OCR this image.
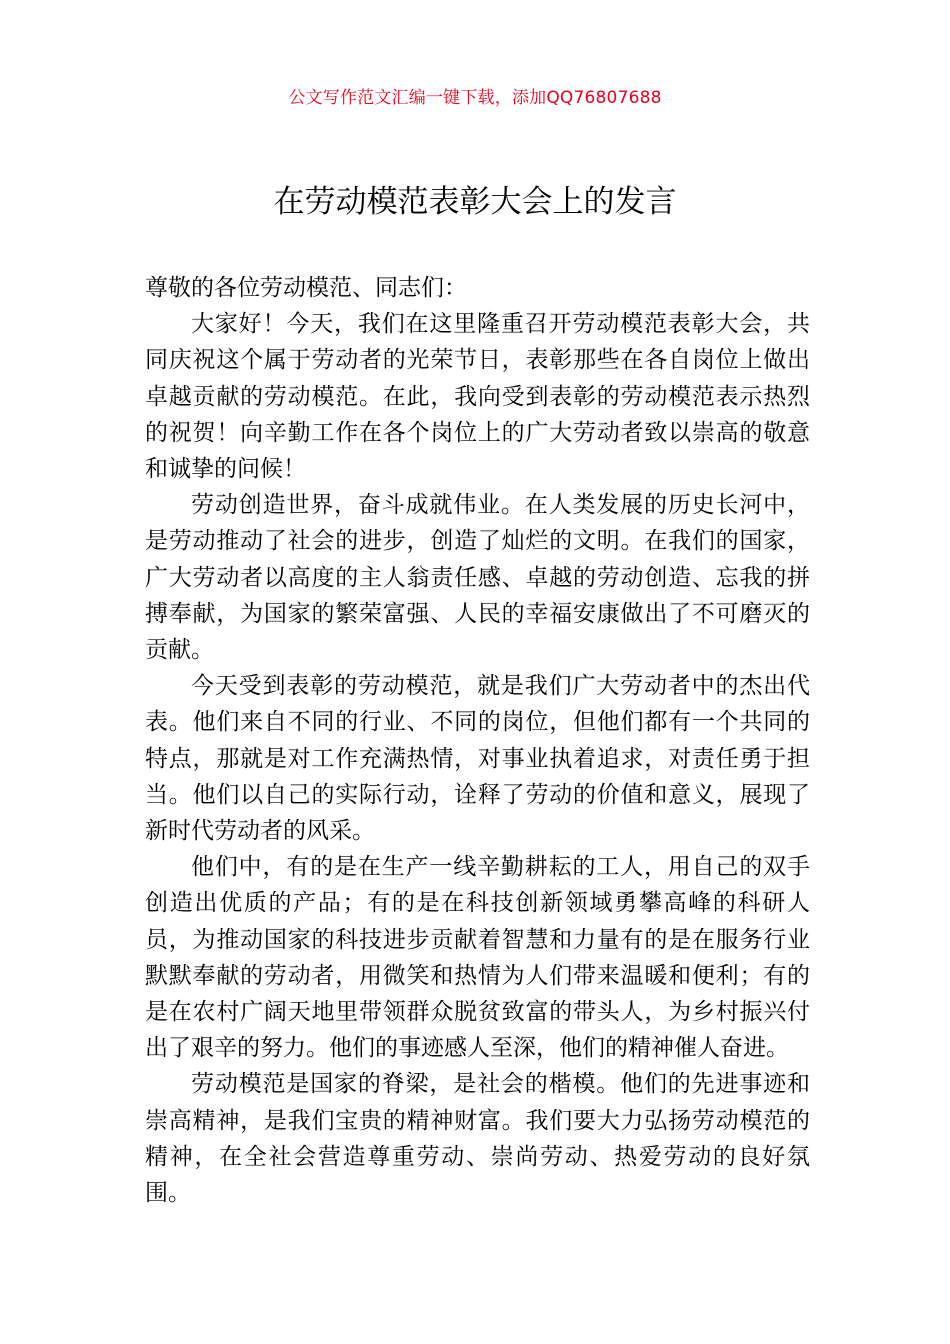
公文写作范文汇编一键下载，添加QQ76807688
在劳动模范表彰大会上的发言

尊敬的各位劳动模范、同志们：

大家好！今天，我们在这里隆重召开劳动模范表彰大会，共同庆祝这个属于劳动者的光荣节日，表彰那些在各自岗位上做出卓越贡献的劳动模范。在此，我向受到表彰的劳动模范表示热烈的祝贺！向辛勤工作在各个岗位上的广大劳动者致以崇高的敬意和诚挚的问候！

劳动创造世界，奋斗成就伟业。在人类发展的历史长河中，是劳动推动了社会的进步，创造了灿烂的文明。在我们的国家，广大劳动者以高度的主人翁责任感、卓越的劳动创造、忘我的拼搏奉献，为国家的繁荣富强、人民的幸福安康做出了不可磨灭的贡献。

今天受到表彰的劳动模范，就是我们广大劳动者中的杰出代表。他们来自不同的行业、不同的岗位，但他们都有一个共同的特点，那就是对工作充满热情，对事业执着追求，对责任勇于担当。他们以自己的实际行动，诠释了劳动的价值和意义，展现了新时代劳动者的风采。

他们中，有的是在生产一线辛勤耕耘的工人，用自己的双手创造出优质的产品；有的是在科技创新领域勇攀高峰的科研人员，为推动国家的科技进步贡献着智慧和力量有的是在服务行业默默奉献的劳动者，用微笑和热情为人们带来温暖和便利；有的是在农村广阔天地里带领群众脱贫致富的带头人，为乡村振兴付出了艰辛的努力。他们的事迹感人至深，他们的精神催人奋进。

劳动模范是国家的脊梁，是社会的楷模。他们的先进事迹和崇高精神，是我们宝贵的精神财富。我们要大力弘扬劳动模范的精神，在全社会营造尊重劳动、崇尚劳动、热爱劳动的良好氛围。
